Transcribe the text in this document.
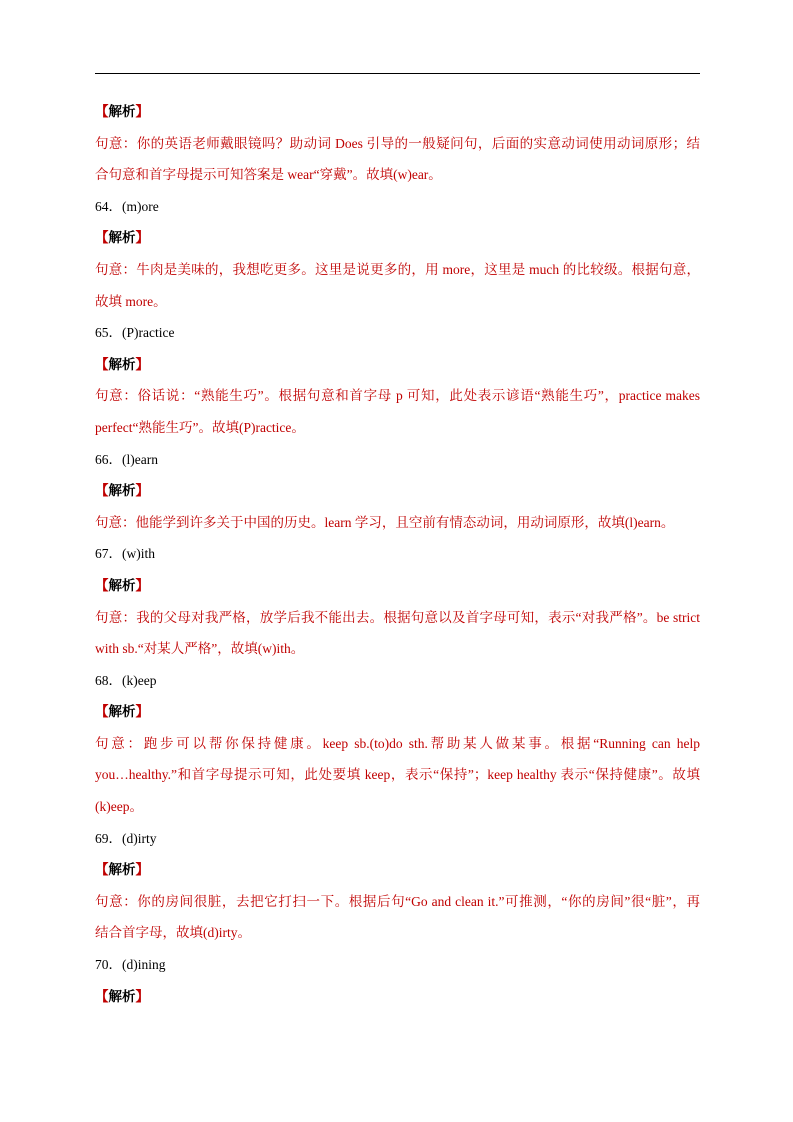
【解析】
句意：你的英语老师戴眼镜吗？助动词 Does 引导的一般疑问句，后面的实意动词使用动词原形；结
合句意和首字母提示可知答案是 wear“穿戴”。故填(w)ear。
64．(m)ore
【解析】
句意：牛肉是美味的，我想吃更多。这里是说更多的，用 more，这里是 much 的比较级。根据句意，
故填 more。
65．(P)ractice
【解析】
句意：俗话说：“熟能生巧”。根据句意和首字母 p 可知，此处表示谚语“熟能生巧”，practice makes
perfect“熟能生巧”。故填(P)ractice。
66．(l)earn
【解析】
句意：他能学到许多关于中国的历史。learn 学习，且空前有情态动词，用动词原形，故填(l)earn。
67．(w)ith
【解析】
句意：我的父母对我严格，放学后我不能出去。根据句意以及首字母可知，表示“对我严格”。be strict
with sb.“对某人严格”，故填(w)ith。
68．(k)eep
【解析】
句意：跑步可以帮你保持健康。keep sb.(to)do sth.帮助某人做某事。根据“Running can help
you…healthy.”和首字母提示可知，此处要填 keep，表示“保持”；keep healthy 表示“保持健康”。故填
(k)eep。
69．(d)irty
【解析】
句意：你的房间很脏，去把它打扫一下。根据后句“Go and clean it.”可推测，“你的房间”很“脏”，再
结合首字母，故填(d)irty。
70．(d)ining
【解析】
